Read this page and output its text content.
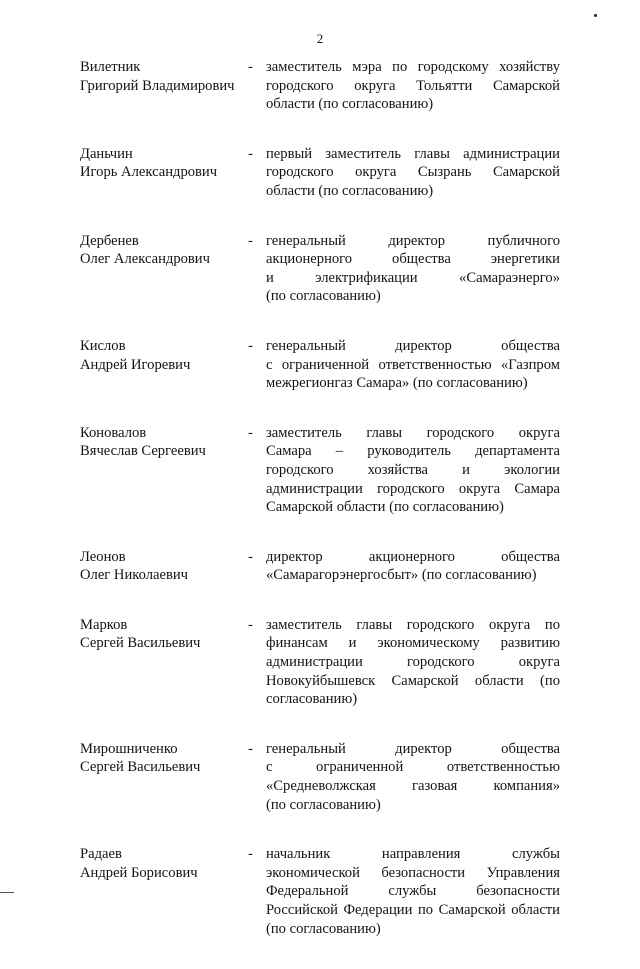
2
Вилетник
Григорий Владимирович
- заместитель мэра по городскому хозяйству
городского округа Тольятти Самарской
области (по согласованию)
Даньчин
Игорь Александрович
- первый заместитель главы администрации
городского округа Сызрань Самарской
области (по согласованию)
Дербенев
Олег Александрович
- генеральный директор публичного
акционерного общества энергетики
и электрификации «Самараэнерго»
(по согласованию)
Кислов
Андрей Игоревич
- генеральный директор общества
с ограниченной ответственностью «Газпром
межрегионгаз Самара» (по согласованию)
Коновалов
Вячеслав Сергеевич
- заместитель главы городского округа
Самара – руководитель департамента
городского хозяйства и экологии
администрации городского округа Самара
Самарской области (по согласованию)
Леонов
Олег Николаевич
- директор акционерного общества
«Самарагорэнергосбыт» (по согласованию)
Марков
Сергей Васильевич
- заместитель главы городского округа по
финансам и экономическому развитию
администрации городского округа
Новокуйбышевск Самарской области (по
согласованию)
Мирошниченко
Сергей Васильевич
- генеральный директор общества
с ограниченной ответственностью
«Средневолжская газовая компания»
(по согласованию)
Радаев
Андрей Борисович
- начальник направления службы
экономической безопасности Управления
Федеральной службы безопасности
Российской Федерации по Самарской области
(по согласованию)
